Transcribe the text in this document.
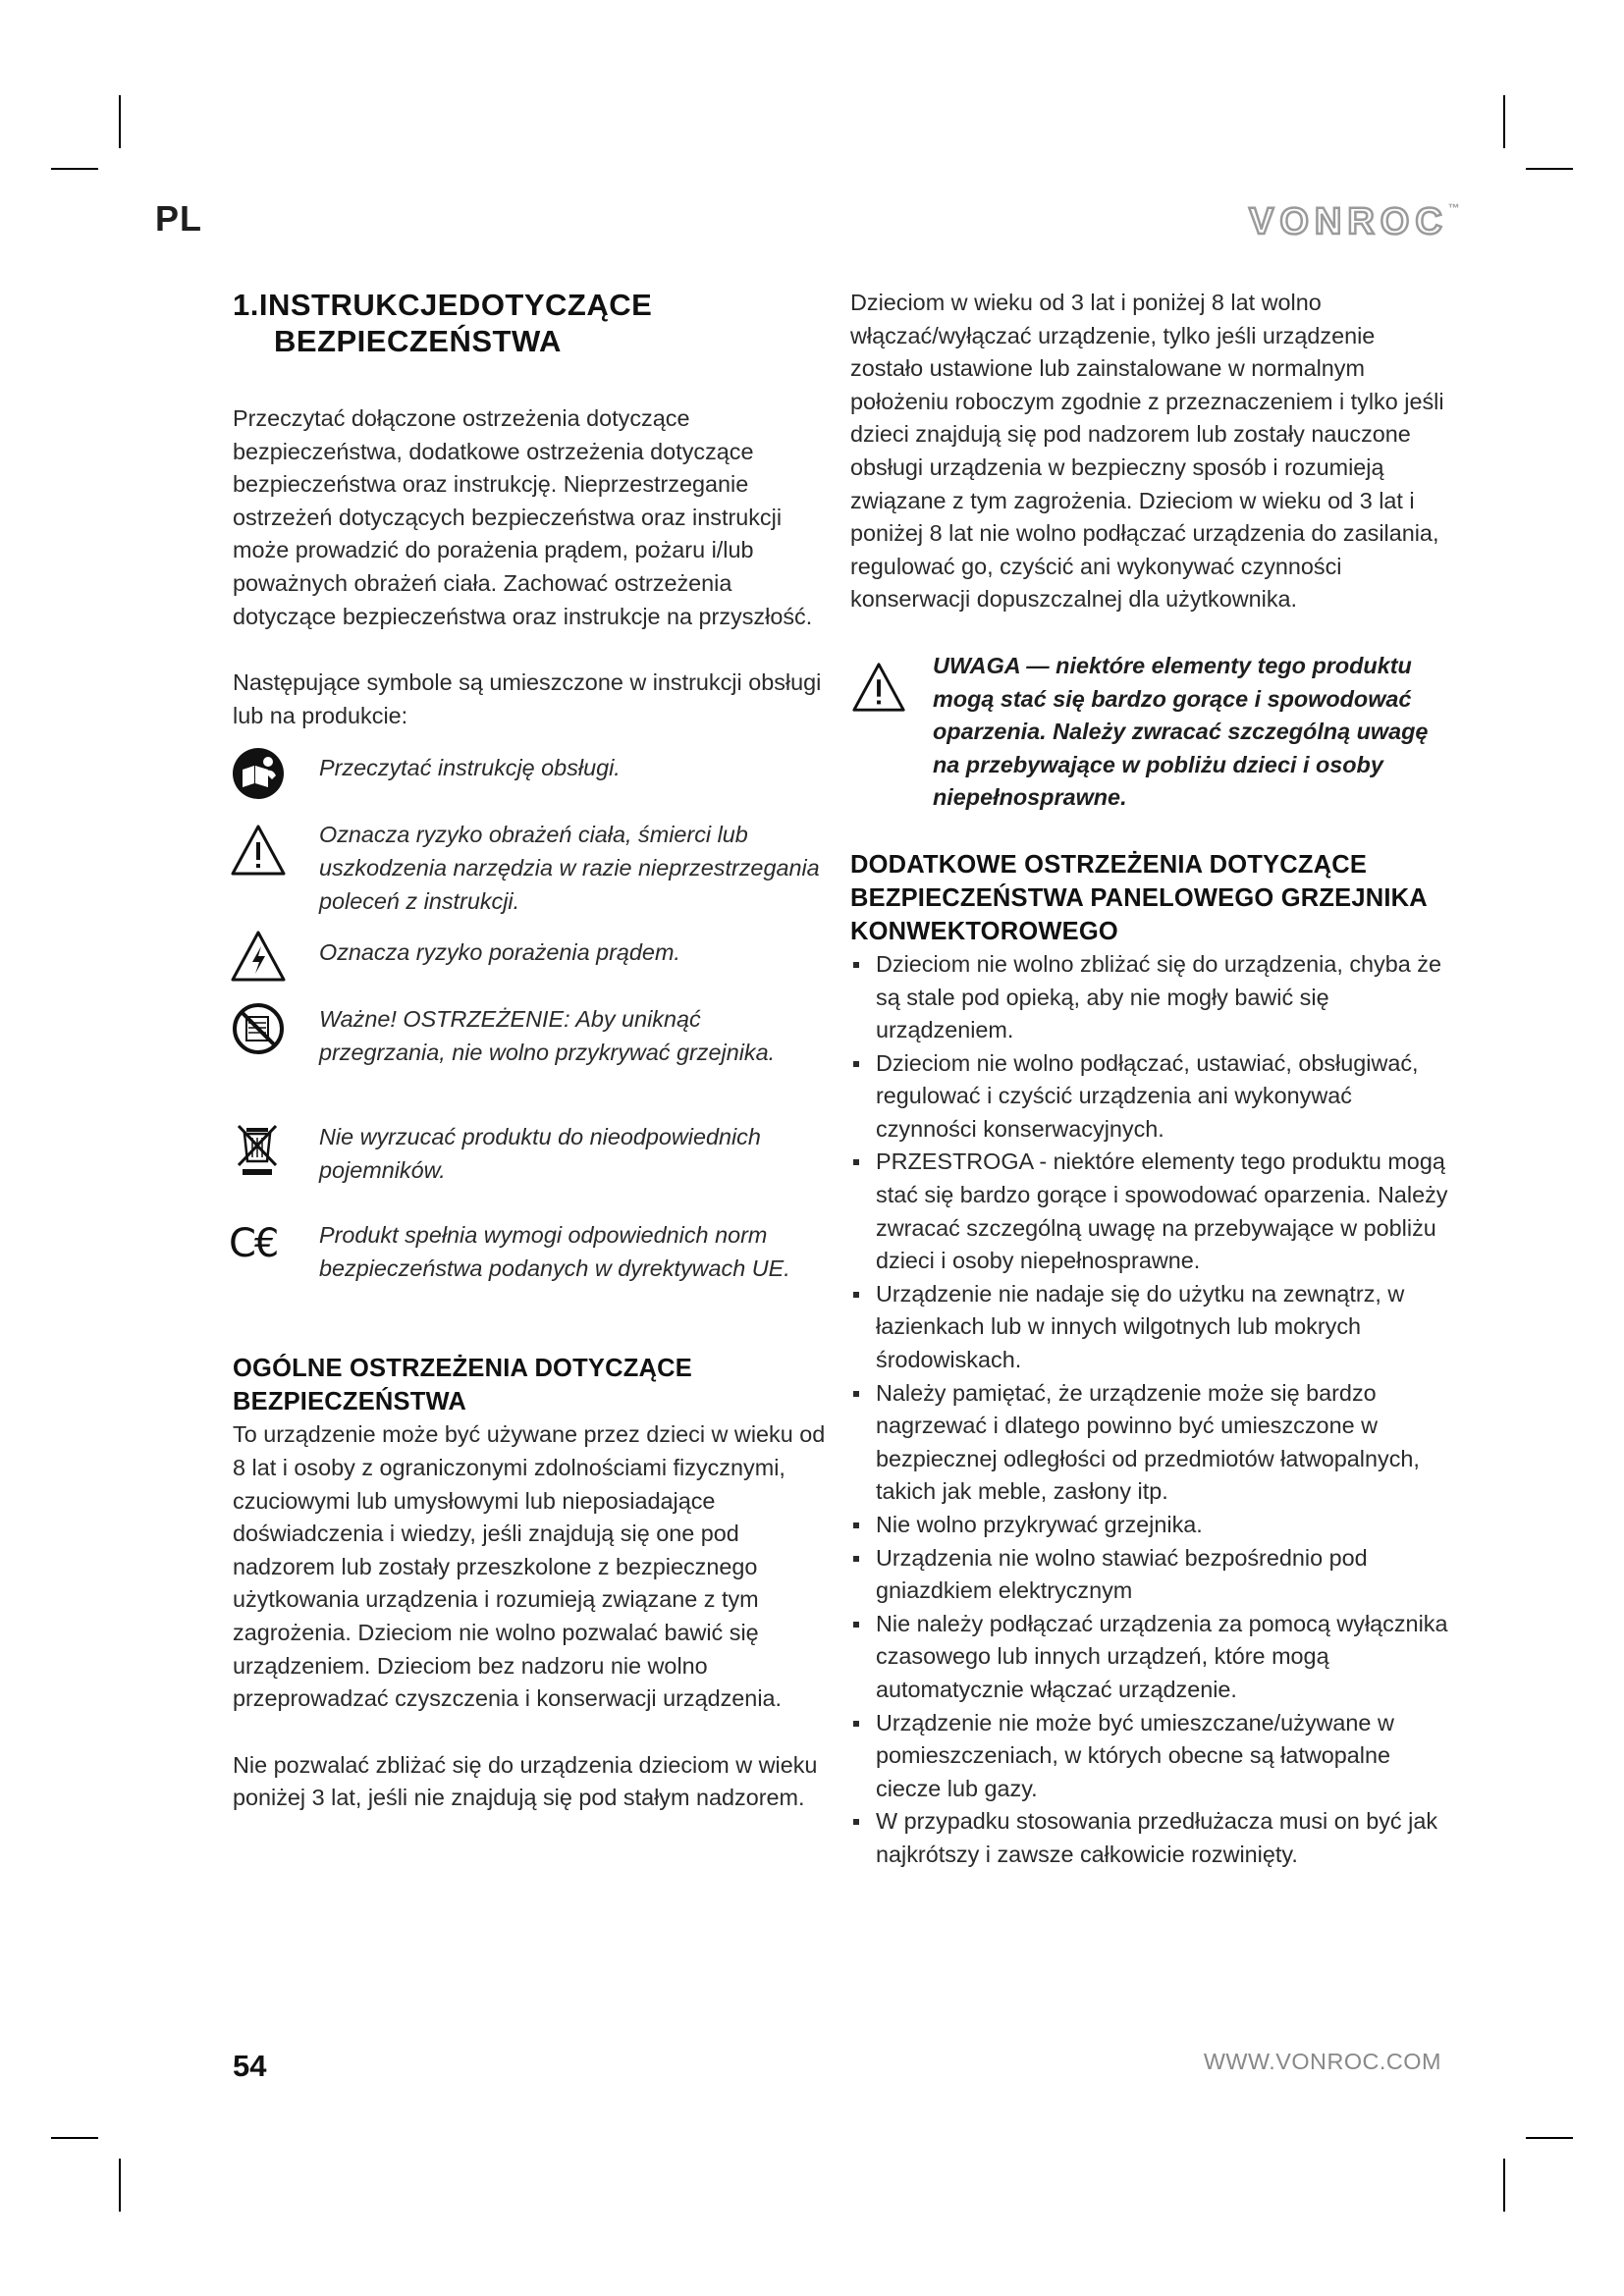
PL	VONROC™
1.INSTRUKCJEDOTYCZĄCE
BEZPIECZEŃSTWA

Przeczytać dołączone ostrzeżenia dotyczące bezpieczeństwa, dodatkowe ostrzeżenia dotyczące bezpieczeństwa oraz instrukcję. Nieprzestrzeganie ostrzeżeń dotyczących bezpieczeństwa oraz instrukcji może prowadzić do porażenia prądem, pożaru i/lub poważnych obrażeń ciała. Zachować ostrzeżenia dotyczące bezpieczeństwa oraz instrukcje na przyszłość.

Następujące symbole są umieszczone w instrukcji obsługi lub na produkcie:

Przeczytać instrukcję obsługi.
Oznacza ryzyko obrażeń ciała, śmierci lub uszkodzenia narzędzia w razie nieprzestrzegania poleceń z instrukcji.
Oznacza ryzyko porażenia prądem.
Ważne! OSTRZEŻENIE: Aby uniknąć przegrzania, nie wolno przykrywać grzejnika.
Nie wyrzucać produktu do nieodpowiednich pojemników.
C€	Produkt spełnia wymogi odpowiednich norm bezpieczeństwa podanych w dyrektywach UE.
OGÓLNE OSTRZEŻENIA DOTYCZĄCE BEZPIECZEŃSTWA

To urządzenie może być używane przez dzieci w wieku od 8 lat i osoby z ograniczonymi zdolnościami fizycznymi, czuciowymi lub umysłowymi lub nieposiadające doświadczenia i wiedzy, jeśli znajdują się one pod nadzorem lub zostały przeszkolone z bezpiecznego użytkowania urządzenia i rozumieją związane z tym zagrożenia. Dzieciom nie wolno pozwalać bawić się urządzeniem. Dzieciom bez nadzoru nie wolno przeprowadzać czyszczenia i konserwacji urządzenia.

Nie pozwalać zbliżać się do urządzenia dzieciom w wieku poniżej 3 lat, jeśli nie znajdują się pod stałym nadzorem.

Dzieciom w wieku od 3 lat i poniżej 8 lat wolno włączać/wyłączać urządzenie, tylko jeśli urządzenie zostało ustawione lub zainstalowane w normalnym położeniu roboczym zgodnie z przeznaczeniem i tylko jeśli dzieci znajdują się pod nadzorem lub zostały nauczone obsługi urządzenia w bezpieczny sposób i rozumieją związane z tym zagrożenia. Dzieciom w wieku od 3 lat i poniżej 8 lat nie wolno podłączać urządzenia do zasilania, regulować go, czyścić ani wykonywać czynności konserwacji dopuszczalnej dla użytkownika.

UWAGA — niektóre elementy tego produktu mogą stać się bardzo gorące i spowodować oparzenia. Należy zwracać szczególną uwagę na przebywające w pobliżu dzieci i osoby niepełnosprawne.
DODATKOWE OSTRZEŻENIA DOTYCZĄCE BEZPIECZEŃSTWA PANELOWEGO GRZEJNIKA KONWEKTOROWEGO
Dzieciom nie wolno zbliżać się do urządzenia, chyba że są stale pod opieką, aby nie mogły bawić się urządzeniem.
Dzieciom nie wolno podłączać, ustawiać, obsługiwać, regulować i czyścić urządzenia ani wykonywać czynności konserwacyjnych.
PRZESTROGA - niektóre elementy tego produktu mogą stać się bardzo gorące i spowodować oparzenia. Należy zwracać szczególną uwagę na przebywające w pobliżu dzieci i osoby niepełnosprawne.
Urządzenie nie nadaje się do użytku na zewnątrz, w łazienkach lub w innych wilgotnych lub mokrych środowiskach.
Należy pamiętać, że urządzenie może się bardzo nagrzewać i dlatego powinno być umieszczone w bezpiecznej odległości od przedmiotów łatwopalnych, takich jak meble, zasłony itp.
Nie wolno przykrywać grzejnika.
Urządzenia nie wolno stawiać bezpośrednio pod gniazdkiem elektrycznym
Nie należy podłączać urządzenia za pomocą wyłącznika czasowego lub innych urządzeń, które mogą automatycznie włączać urządzenie.
Urządzenie nie może być umieszczane/używane w pomieszczeniach, w których obecne są łatwopalne ciecze lub gazy.
W przypadku stosowania przedłużacza musi on być jak najkrótszy i zawsze całkowicie rozwinięty.
54	WWW.VONROC.COM
